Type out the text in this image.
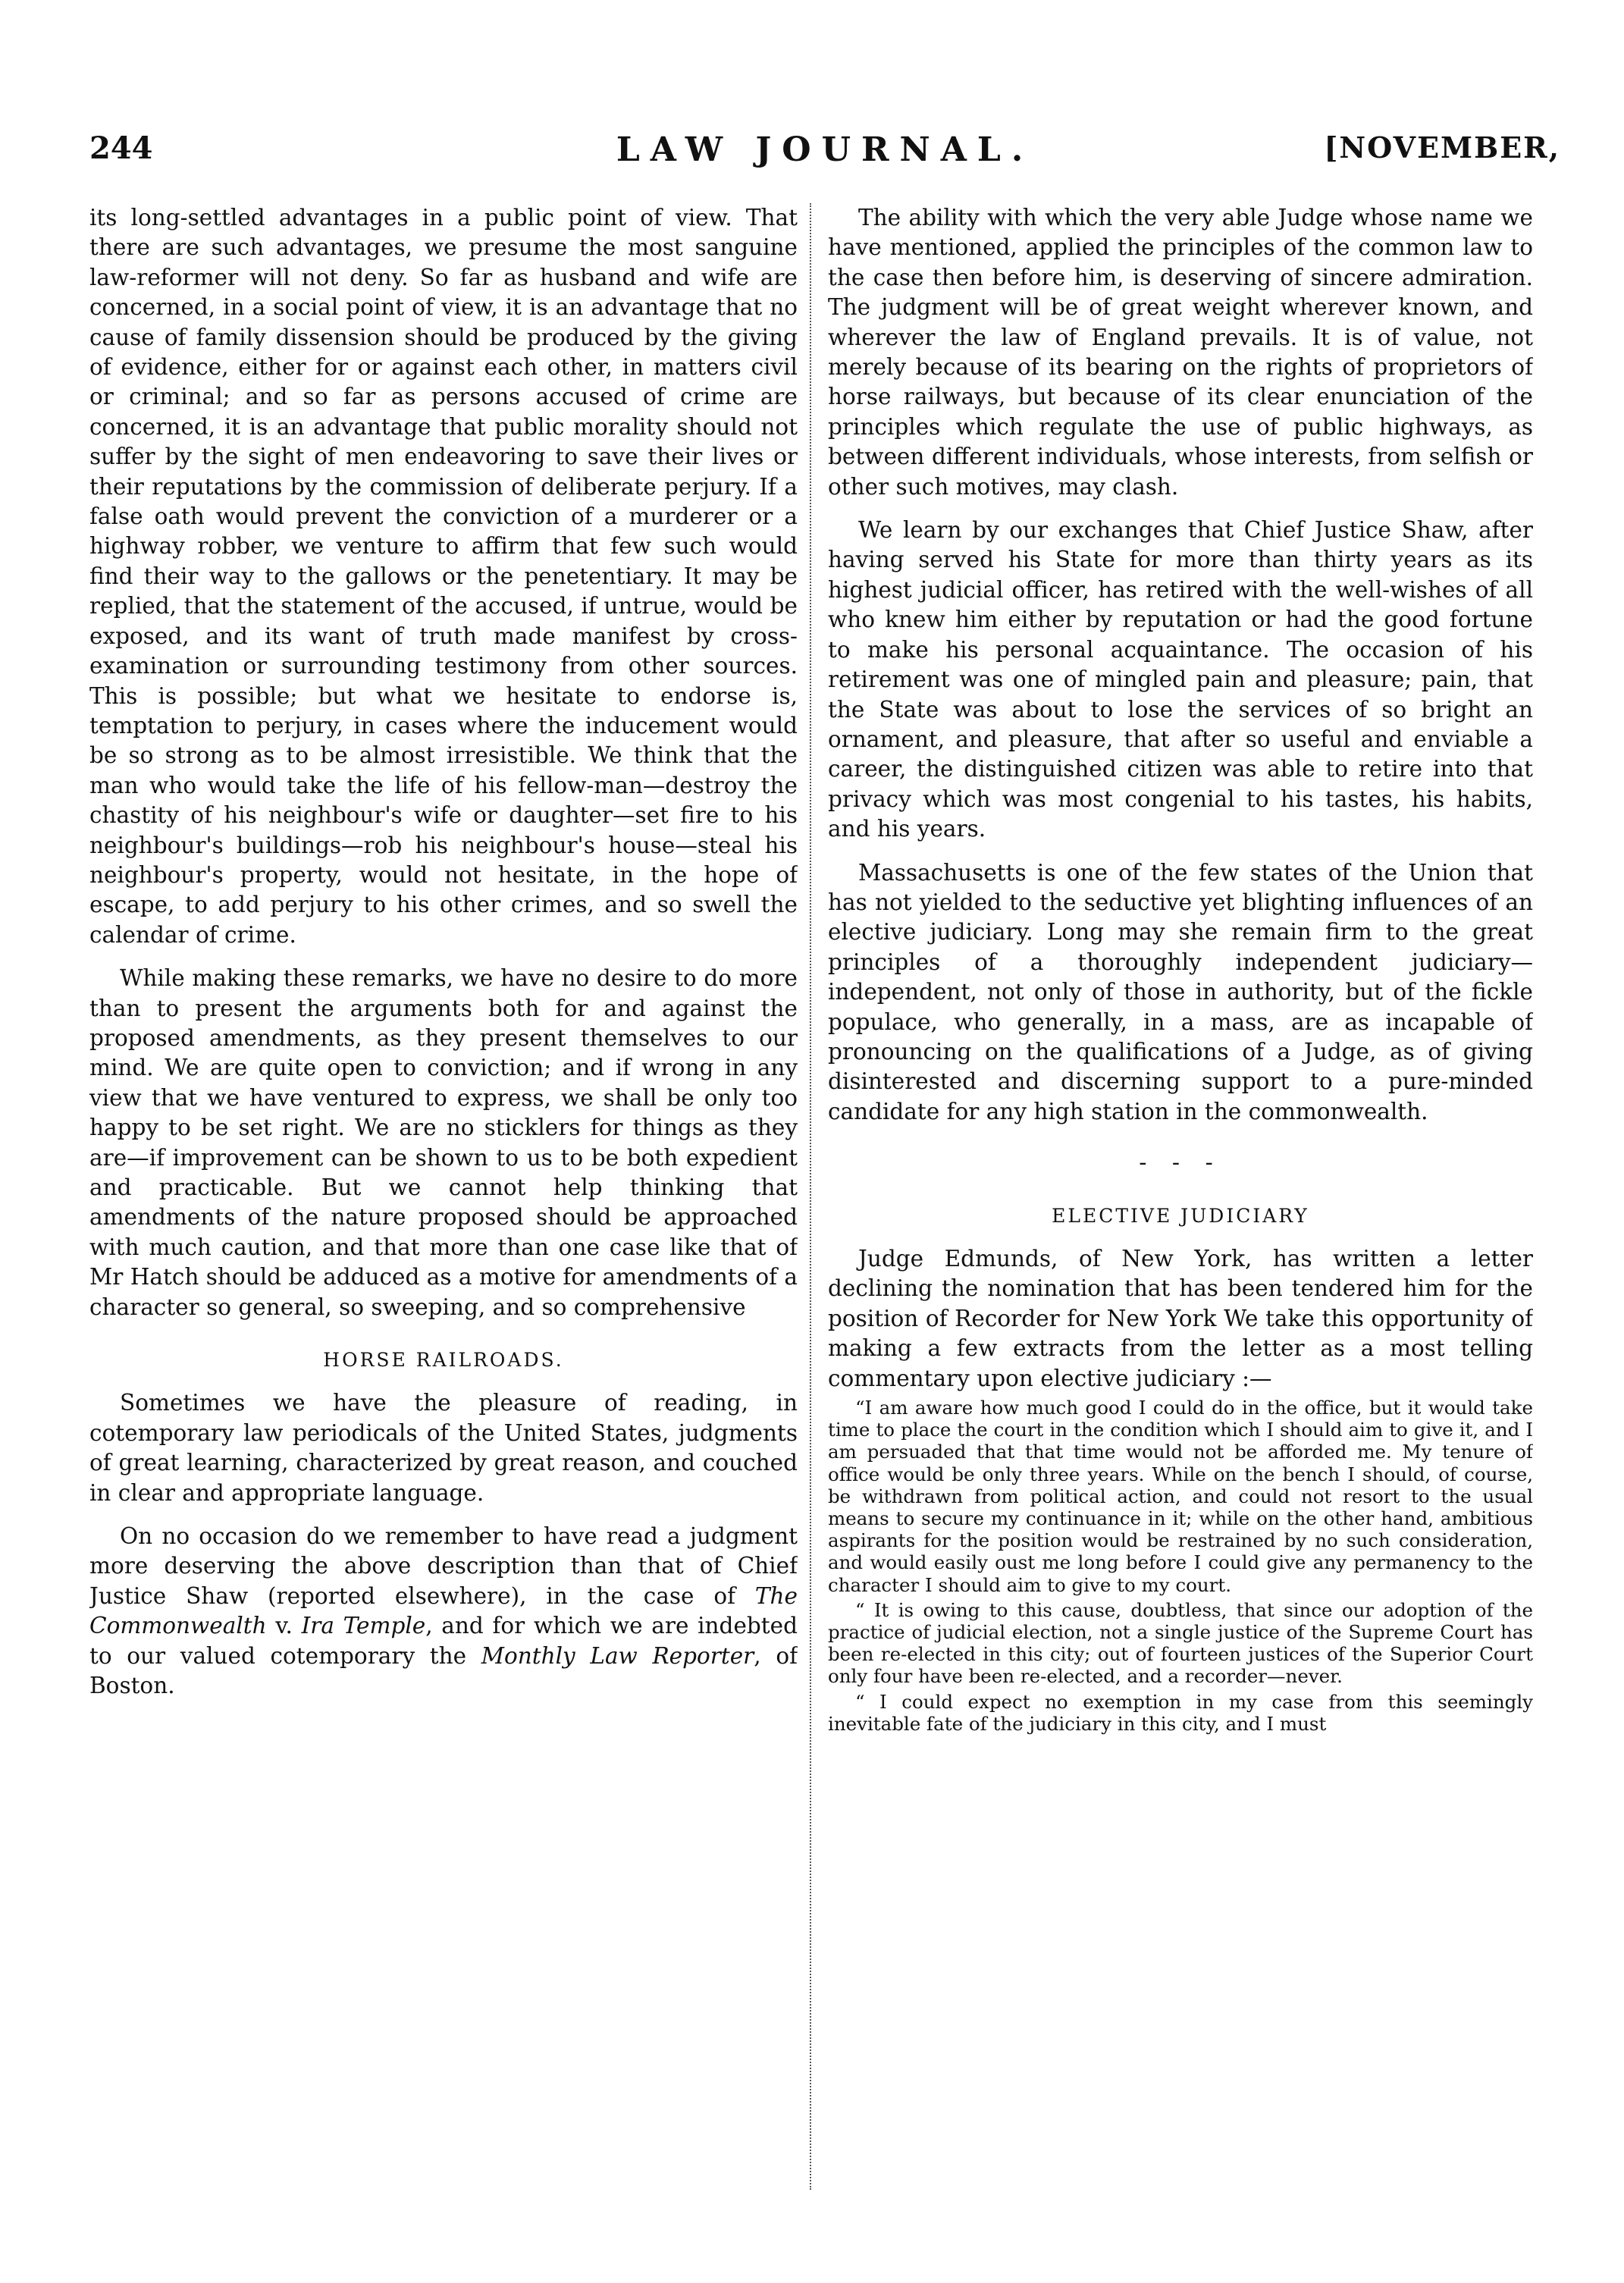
244	LAW JOURNAL.	[NOVEMBER,

its long-settled advantages in a public point of view. That there are such advantages, we presume the most sanguine law-reformer will not deny. So far as husband and wife are concerned, in a social point of view, it is an advantage that no cause of family dissension should be produced by the giving of evidence, either for or against each other, in matters civil or criminal; and so far as persons accused of crime are concerned, it is an advantage that public morality should not suffer by the sight of men endeavoring to save their lives or their reputations by the commission of deliberate perjury. If a false oath would prevent the conviction of a murderer or a highway robber, we venture to affirm that few such would find their way to the gallows or the penetentiary. It may be replied, that the statement of the accused, if untrue, would be exposed, and its want of truth made manifest by cross-examination or surrounding testimony from other sources. This is possible; but what we hesitate to endorse is, temptation to perjury, in cases where the inducement would be so strong as to be almost irresistible. We think that the man who would take the life of his fellow-man—destroy the chastity of his neighbour's wife or daughter—set fire to his neighbour's buildings—rob his neighbour's house—steal his neighbour's property, would not hesitate, in the hope of escape, to add perjury to his other crimes, and so swell the calendar of crime.

While making these remarks, we have no desire to do more than to present the arguments both for and against the proposed amendments, as they present themselves to our mind. We are quite open to conviction; and if wrong in any view that we have ventured to express, we shall be only too happy to be set right. We are no sticklers for things as they are—if improvement can be shown to us to be both expedient and practicable. But we cannot help thinking that amendments of the nature proposed should be approached with much caution, and that more than one case like that of Mr Hatch should be adduced as a motive for amendments of a character so general, so sweeping, and so comprehensive

HORSE RAILROADS.

Sometimes we have the pleasure of reading, in cotemporary law periodicals of the United States, judgments of great learning, characterized by great reason, and couched in clear and appropriate language.

On no occasion do we remember to have read a judgment more deserving the above description than that of Chief Justice Shaw (reported elsewhere), in the case of The Commonwealth v. Ira Temple, and for which we are indebted to our valued cotemporary the Monthly Law Reporter, of Boston.

The ability with which the very able Judge whose name we have mentioned, applied the principles of the common law to the case then before him, is deserving of sincere admiration. The judgment will be of great weight wherever known, and wherever the law of England prevails. It is of value, not merely because of its bearing on the rights of proprietors of horse railways, but because of its clear enunciation of the principles which regulate the use of public highways, as between different individuals, whose interests, from selfish or other such motives, may clash.

We learn by our exchanges that Chief Justice Shaw, after having served his State for more than thirty years as its highest judicial officer, has retired with the well-wishes of all who knew him either by reputation or had the good fortune to make his personal acquaintance. The occasion of his retirement was one of mingled pain and pleasure; pain, that the State was about to lose the services of so bright an ornament, and pleasure, that after so useful and enviable a career, the distinguished citizen was able to retire into that privacy which was most congenial to his tastes, his habits, and his years.

Massachusetts is one of the few states of the Union that has not yielded to the seductive yet blighting influences of an elective judiciary. Long may she remain firm to the great principles of a thoroughly independent judiciary—independent, not only of those in authority, but of the fickle populace, who generally, in a mass, are as incapable of pronouncing on the qualifications of a Judge, as of giving disinterested and discerning support to a pure-minded candidate for any high station in the commonwealth.

- - -
ELECTIVE JUDICIARY

Judge Edmunds, of New York, has written a letter declining the nomination that has been tendered him for the position of Recorder for New York We take this opportunity of making a few extracts from the letter as a most telling commentary upon elective judiciary :—

“I am aware how much good I could do in the office, but it would take time to place the court in the condition which I should aim to give it, and I am persuaded that that time would not be afforded me. My tenure of office would be only three years. While on the bench I should, of course, be withdrawn from political action, and could not resort to the usual means to secure my continuance in it; while on the other hand, ambitious aspirants for the position would be restrained by no such consideration, and would easily oust me long before I could give any permanency to the character I should aim to give to my court.

“ It is owing to this cause, doubtless, that since our adoption of the practice of judicial election, not a single justice of the Supreme Court has been re-elected in this city; out of fourteen justices of the Superior Court only four have been re-elected, and a recorder—never.

“ I could expect no exemption in my case from this seemingly inevitable fate of the judiciary in this city, and I must
